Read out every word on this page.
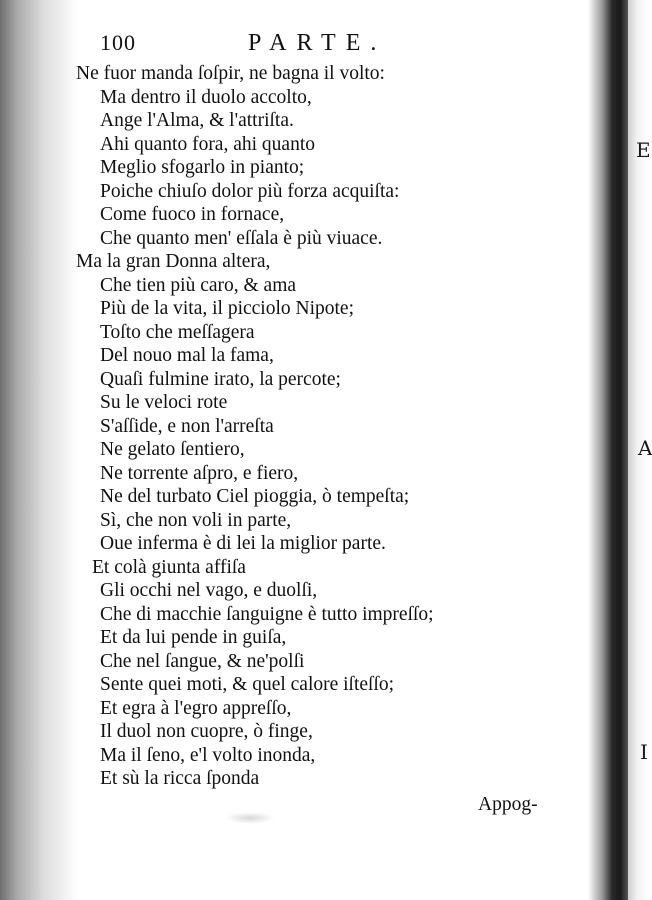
100	PARTE.
Ne fuor manda ſoſpir, ne bagna il volto:
Ma dentro il duolo accolto,
Ange l'Alma, & l'attriſta.
Ahi quanto fora, ahi quanto
Meglio sfogarlo in pianto;
Poiche chiuſo dolor più forza acquiſta:
Come fuoco in fornace,
Che quanto men' eſſala è più viuace.
Ma la gran Donna altera,
Che tien più caro, & ama
Più de la vita, il picciolo Nipote;
Toſto che meſſagera
Del nouo mal la fama,
Quaſi fulmine irato, la percote;
Su le veloci rote
S'aſſide, e non l'arreſta
Ne gelato ſentiero,
Ne torrente aſpro, e fiero,
Ne del turbato Ciel pioggia, ò tempeſta;
Sì, che non voli in parte,
Oue inferma è di lei la miglior parte.
Et colà giunta affiſa
Gli occhi nel vago, e duolſi,
Che di macchie ſanguigne è tutto impreſſo;
Et da lui pende in guiſa,
Che nel ſangue, & ne'polſi
Sente quei moti, & quel calore iſteſſo;
Et egra à l'egro appreſſo,
Il duol non cuopre, ò finge,
Ma il ſeno, e'l volto inonda,
Et sù la ricca ſponda
Appog-
E
A
I
